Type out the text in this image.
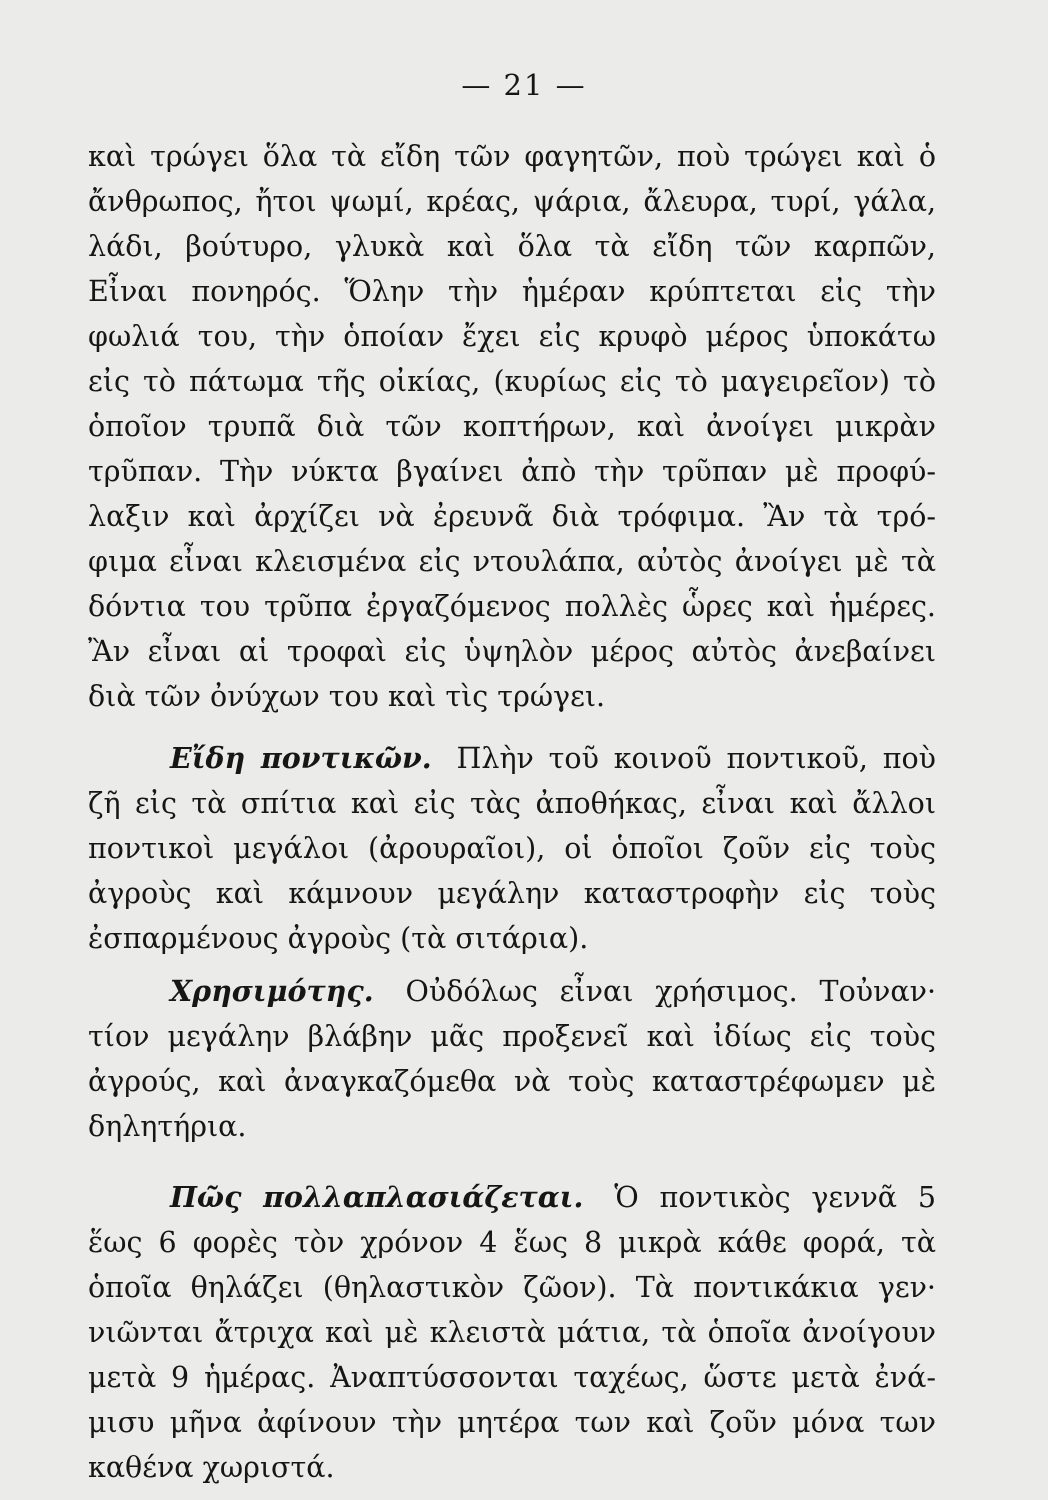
— 21 —
καὶ τρώγει ὅλα τὰ εἴδη τῶν φαγητῶν, ποὺ τρώγει καὶ ὁ
ἄνθρωπος, ἤτοι ψωμί, κρέας, ψάρια, ἄλευρα, τυρί, γάλα,
λάδι, βούτυρο, γλυκὰ καὶ ὅλα τὰ εἴδη τῶν καρπῶν,
Εἶναι πονηρός. Ὅλην τὴν ἡμέραν κρύπτεται εἰς τὴν
φωλιά του, τὴν ὁποίαν ἔχει εἰς κρυφὸ μέρος ὑποκάτω
εἰς τὸ πάτωμα τῆς οἰκίας, (κυρίως εἰς τὸ μαγειρεῖον) τὸ
ὁποῖον τρυπᾶ διὰ τῶν κοπτήρων, καὶ ἀνοίγει μικρὰν
τρῦπαν. Τὴν νύκτα βγαίνει ἀπὸ τὴν τρῦπαν μὲ προφύ-
λαξιν καὶ ἀρχίζει νὰ ἐρευνᾶ διὰ τρόφιμα. Ἂν τὰ τρό-
φιμα εἶναι κλεισμένα εἰς ντουλάπα, αὐτὸς ἀνοίγει μὲ τὰ
δόντια του τρῦπα ἐργαζόμενος πολλὲς ὧρες καὶ ἡμέρες.
Ἂν εἶναι αἱ τροφαὶ εἰς ὑψηλὸν μέρος αὐτὸς ἀνεβαίνει
διὰ τῶν ὀνύχων του καὶ τὶς τρώγει.
Εἴδη ποντικῶν. Πλὴν τοῦ κοινοῦ ποντικοῦ, ποὺ
ζῆ εἰς τὰ σπίτια καὶ εἰς τὰς ἀποθήκας, εἶναι καὶ ἄλλοι
ποντικοὶ μεγάλοι (ἀρουραῖοι), οἱ ὁποῖοι ζοῦν εἰς τοὺς
ἀγροὺς καὶ κάμνουν μεγάλην καταστροφὴν εἰς τοὺς
ἐσπαρμένους ἀγροὺς (τὰ σιτάρια).
Χρησιμότης. Οὐδόλως εἶναι χρήσιμος. Τοὐναν·
τίον μεγάλην βλάβην μᾶς προξενεῖ καὶ ἰδίως εἰς τοὺς
ἀγρούς, καὶ ἀναγκαζόμεθα νὰ τοὺς καταστρέφωμεν μὲ
δηλητήρια.
Πῶς πολλαπλασιάζεται. Ὁ ποντικὸς γεννᾶ 5
ἕως 6 φορὲς τὸν χρόνον 4 ἕως 8 μικρὰ κάθε φορά, τὰ
ὁποῖα θηλάζει (θηλαστικὸν ζῶον). Τὰ ποντικάκια γεν·
νιῶνται ἄτριχα καὶ μὲ κλειστὰ μάτια, τὰ ὁποῖα ἀνοίγουν
μετὰ 9 ἡμέρας. Ἀναπτύσσονται ταχέως, ὥστε μετὰ ἐνά-
μισυ μῆνα ἀφίνουν τὴν μητέρα των καὶ ζοῦν μόνα των
καθένα χωριστά.
